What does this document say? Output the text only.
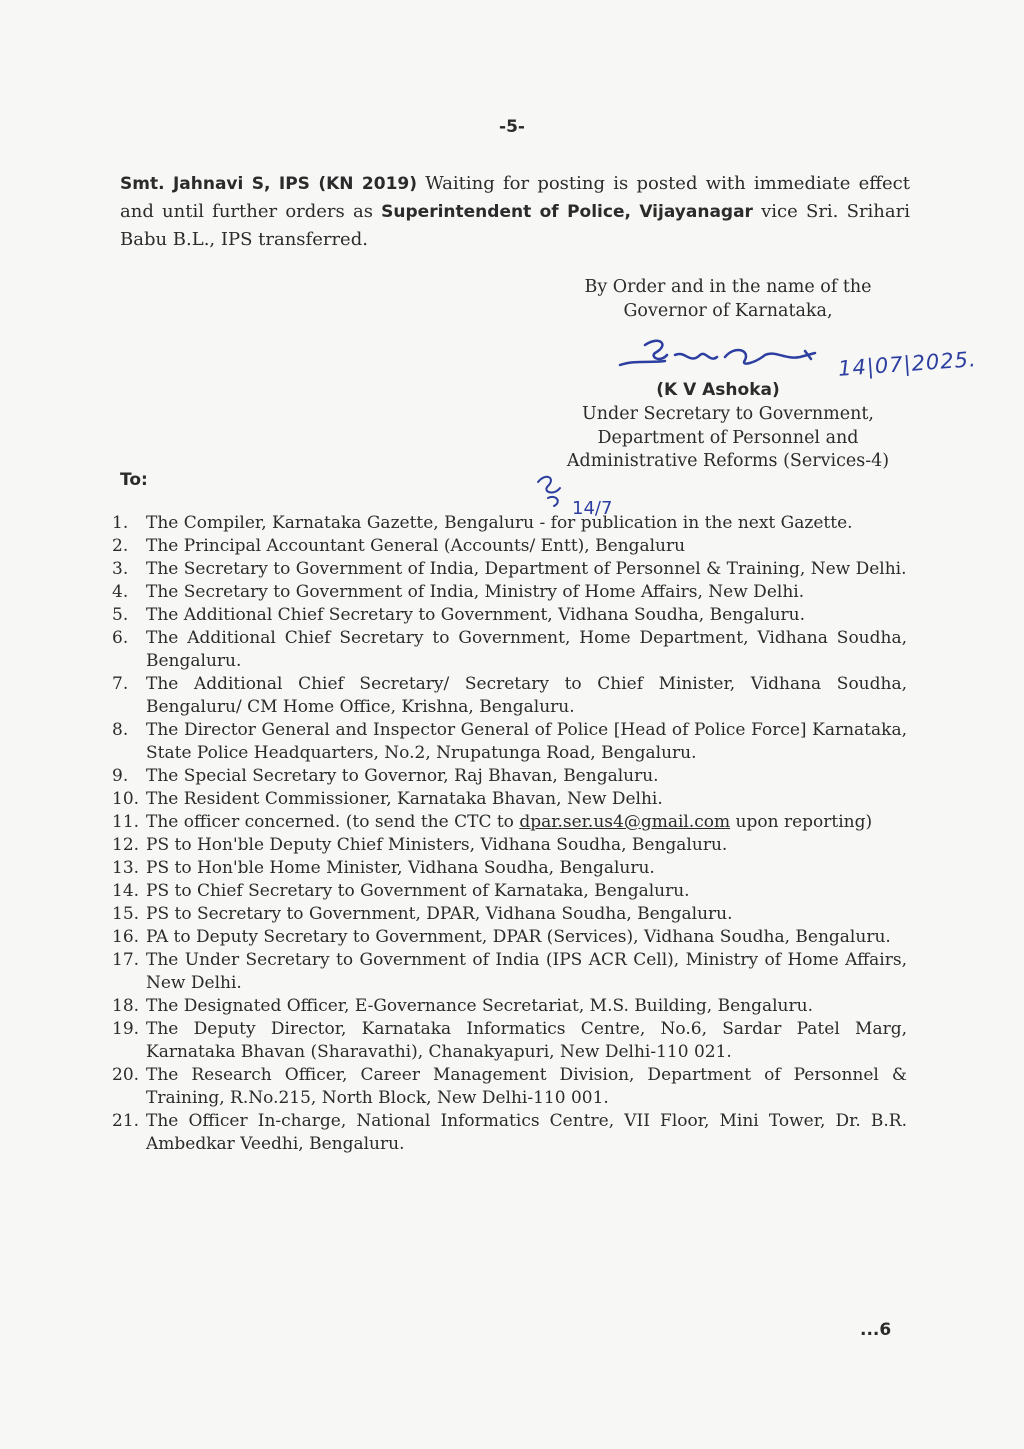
-5-
Smt. Jahnavi S, IPS (KN 2019) Waiting for posting is posted with immediate effect and until further orders as Superintendent of Police, Vijayanagar vice Sri. Srihari Babu B.L., IPS transferred.
By Order and in the name of the
Governor of Karnataka,
14|07|2025.
(K V Ashoka)
Under Secretary to Government,
Department of Personnel and
Administrative Reforms (Services-4)
To:
14/7
1.	The Compiler, Karnataka Gazette, Bengaluru - for publication in the next Gazette.
2.	The Principal Accountant General (Accounts/ Entt), Bengaluru
3.	The Secretary to Government of India, Department of Personnel & Training, New Delhi.
4.	The Secretary to Government of India, Ministry of Home Affairs, New Delhi.
5.	The Additional Chief Secretary to Government, Vidhana Soudha, Bengaluru.
6.	The Additional Chief Secretary to Government, Home Department, Vidhana Soudha, Bengaluru.
7.	The Additional Chief Secretary/ Secretary to Chief Minister, Vidhana Soudha, Bengaluru/ CM Home Office, Krishna, Bengaluru.
8.	The Director General and Inspector General of Police [Head of Police Force] Karnataka, State Police Headquarters, No.2, Nrupatunga Road, Bengaluru.
9.	The Special Secretary to Governor, Raj Bhavan, Bengaluru.
10. The Resident Commissioner, Karnataka Bhavan, New Delhi.
11. The officer concerned. (to send the CTC to dpar.ser.us4@gmail.com upon reporting)
12. PS to Hon'ble Deputy Chief Ministers, Vidhana Soudha, Bengaluru.
13. PS to Hon'ble Home Minister, Vidhana Soudha, Bengaluru.
14. PS to Chief Secretary to Government of Karnataka, Bengaluru.
15. PS to Secretary to Government, DPAR, Vidhana Soudha, Bengaluru.
16. PA to Deputy Secretary to Government, DPAR (Services), Vidhana Soudha, Bengaluru.
17. The Under Secretary to Government of India (IPS ACR Cell), Ministry of Home Affairs, New Delhi.
18. The Designated Officer, E-Governance Secretariat, M.S. Building, Bengaluru.
19. The Deputy Director, Karnataka Informatics Centre, No.6, Sardar Patel Marg, Karnataka Bhavan (Sharavathi), Chanakyapuri, New Delhi-110 021.
20. The Research Officer, Career Management Division, Department of Personnel & Training, R.No.215, North Block, New Delhi-110 001.
21. The Officer In-charge, National Informatics Centre, VII Floor, Mini Tower, Dr. B.R. Ambedkar Veedhi, Bengaluru.
...6
